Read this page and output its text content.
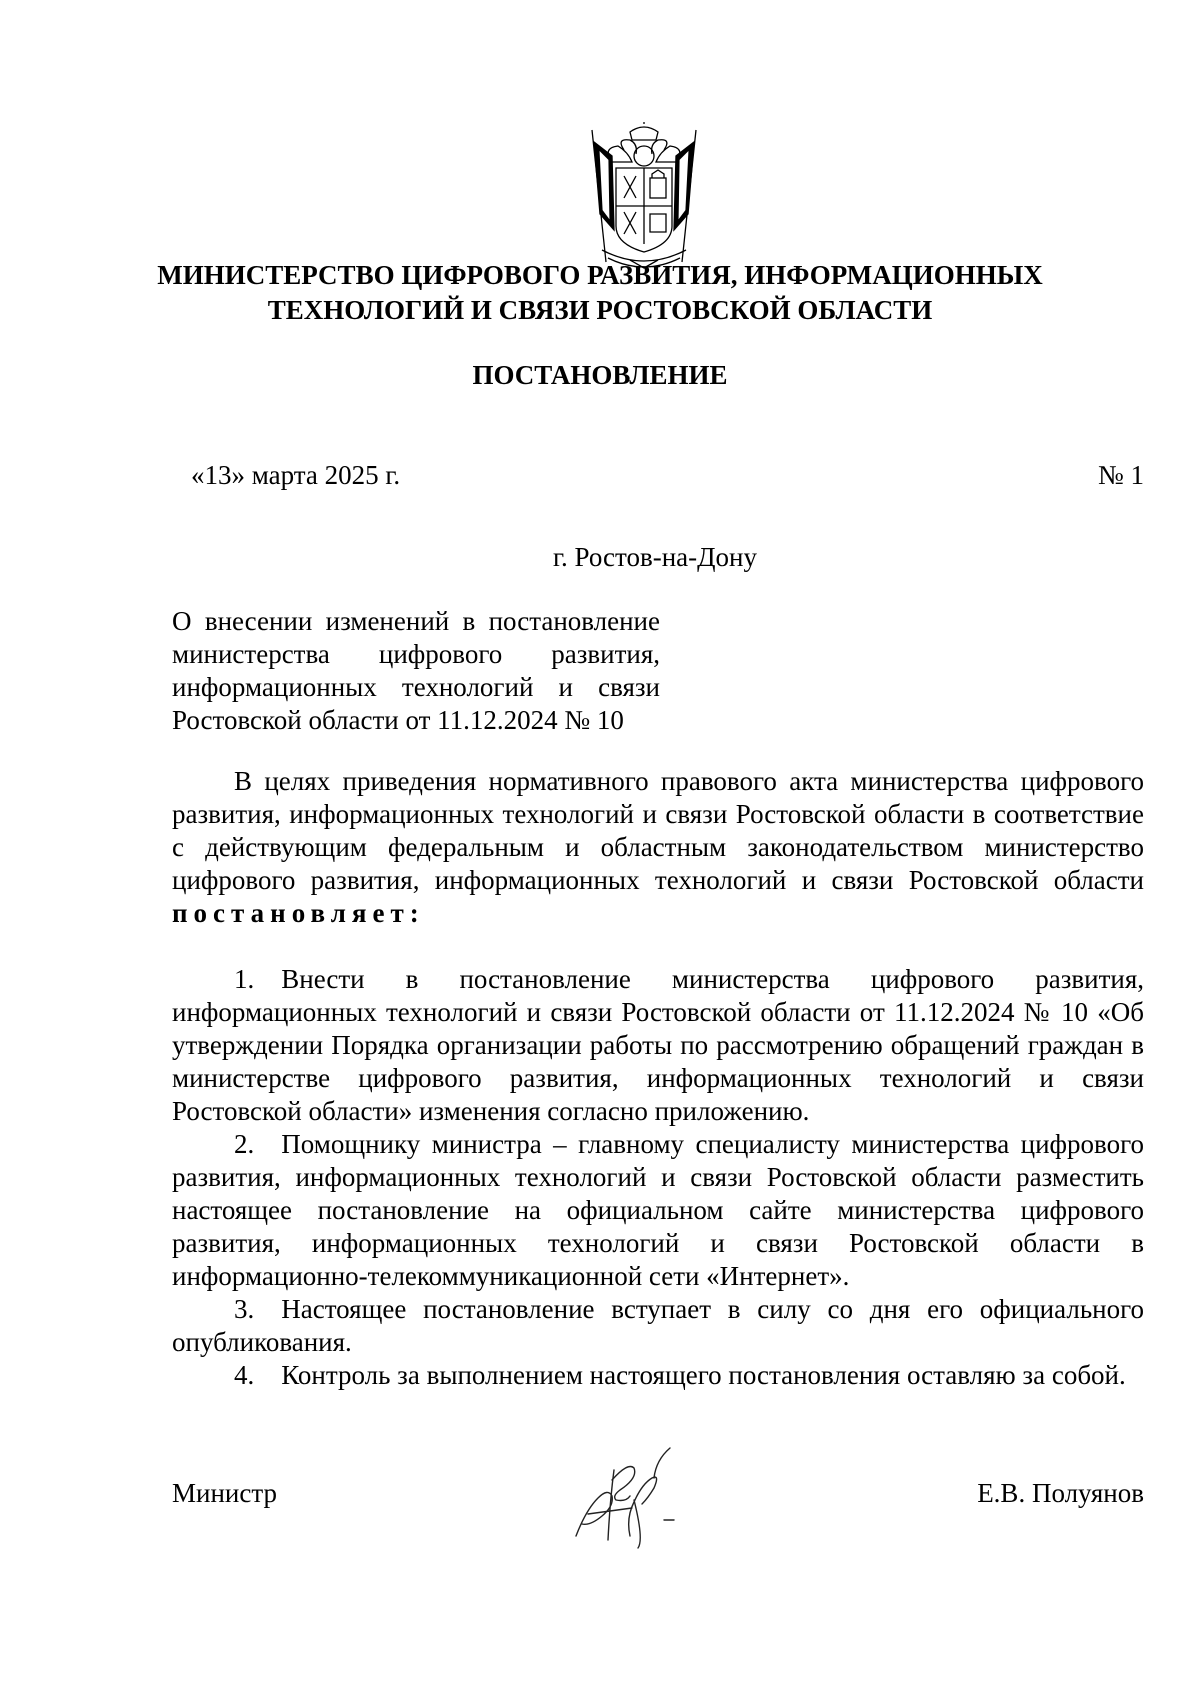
МИНИСТЕРСТВО ЦИФРОВОГО РАЗВИТИЯ, ИНФОРМАЦИОННЫХ
ТЕХНОЛОГИЙ И СВЯЗИ РОСТОВСКОЙ ОБЛАСТИ
ПОСТАНОВЛЕНИЕ
«13» марта 2025 г.	№ 1
г. Ростов-на-Дону
О внесении изменений в постановление министерства цифрового развития, информационных технологий и связи Ростовской области от 11.12.2024 № 10

В целях приведения нормативного правового акта министерства цифрового развития, информационных технологий и связи Ростовской области в соответствие с действующим федеральным и областным законодательством министерство цифрового развития, информационных технологий и связи Ростовской области постановляет:

1. Внести в постановление министерства цифрового развития, информационных технологий и связи Ростовской области от 11.12.2024 № 10 «Об утверждении Порядка организации работы по рассмотрению обращений граждан в министерстве цифрового развития, информационных технологий и связи Ростовской области» изменения согласно приложению.

2. Помощнику министра – главному специалисту министерства цифрового развития, информационных технологий и связи Ростовской области разместить настоящее постановление на официальном сайте министерства цифрового развития, информационных технологий и связи Ростовской области в информационно-телекоммуникационной сети «Интернет».

3. Настоящее постановление вступает в силу со дня его официального опубликования.

4. Контроль за выполнением настоящего постановления оставляю за собой.

Министр	Е.В. Полуянов
